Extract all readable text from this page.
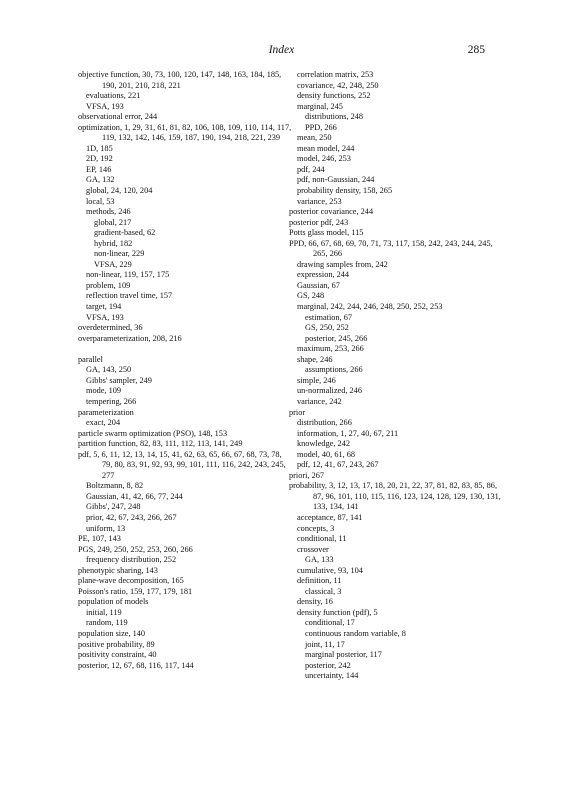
Index	285
objective function, 30, 73, 100, 120, 147, 148, 163, 184, 185, 190, 201, 210, 218, 221
evaluations, 221
VFSA, 193
observational error, 244
optimization, 1, 29, 31, 61, 81, 82, 106, 108, 109, 110, 114, 117, 119, 132, 142, 146, 159, 187, 190, 194, 218, 221, 239
1D, 185
2D, 192
EP, 146
GA, 132
global, 24, 120, 204
local, 53
methods, 246
global, 217
gradient-based, 62
hybrid, 182
non-linear, 229
VFSA, 229
non-linear, 119, 157, 175
problem, 109
reflection travel time, 157
target, 194
VFSA, 193
overdetermined, 36
overparameterization, 208, 216
parallel
GA, 143, 250
Gibbs' sampler, 249
mode, 109
tempering, 266
parameterization
exact, 204
particle swarm optimization (PSO), 148, 153
partition function, 82, 83, 111, 112, 113, 141, 249
pdf, 5, 6, 11, 12, 13, 14, 15, 41, 62, 63, 65, 66, 67, 68, 73, 78, 79, 80, 83, 91, 92, 93, 99, 101, 111, 116, 242, 243, 245, 277
Boltzmann, 8, 82
Gaussian, 41, 42, 66, 77, 244
Gibbs', 247, 248
prior, 42, 67, 243, 266, 267
uniform, 13
PE, 107, 143
PGS, 249, 250, 252, 253, 260, 266
frequency distribution, 252
phenotypic sharing, 143
plane-wave decomposition, 165
Poisson's ratio, 159, 177, 179, 181
population of models
initial, 119
random, 119
population size, 140
positive probability, 89
positivity constraint, 40
posterior, 12, 67, 68, 116, 117, 144
correlation matrix, 253
covariance, 42, 248, 250
density functions, 252
marginal, 245
distributions, 248
PPD, 266
mean, 250
mean model, 244
model, 246, 253
pdf, 244
pdf, non-Gaussian, 244
probability density, 158, 265
variance, 253
posterior covariance, 244
posterior pdf, 243
Potts glass model, 115
PPD, 66, 67, 68, 69, 70, 71, 73, 117, 158, 242, 243, 244, 245, 265, 266
drawing samples from, 242
expression, 244
Gaussian, 67
GS, 248
marginal, 242, 244, 246, 248, 250, 252, 253
estimation, 67
GS, 250, 252
posterior, 245, 266
maximum, 253, 266
shape, 246
assumptions, 266
simple, 246
un-normalized, 246
variance, 242
prior
distribution, 266
information, 1, 27, 40, 67, 211
knowledge, 242
model, 40, 61, 68
pdf, 12, 41, 67, 243, 267
priori, 267
probability, 3, 12, 13, 17, 18, 20, 21, 22, 37, 81, 82, 83, 85, 86, 87, 96, 101, 110, 115, 116, 123, 124, 128, 129, 130, 131, 133, 134, 141
acceptance, 87, 141
concepts, 3
conditional, 11
crossover
GA, 133
cumulative, 93, 104
definition, 11
classical, 3
density, 16
density function (pdf), 5
conditional, 17
continuous random variable, 8
joint, 11, 17
marginal posterior, 117
posterior, 242
uncertainty, 144
